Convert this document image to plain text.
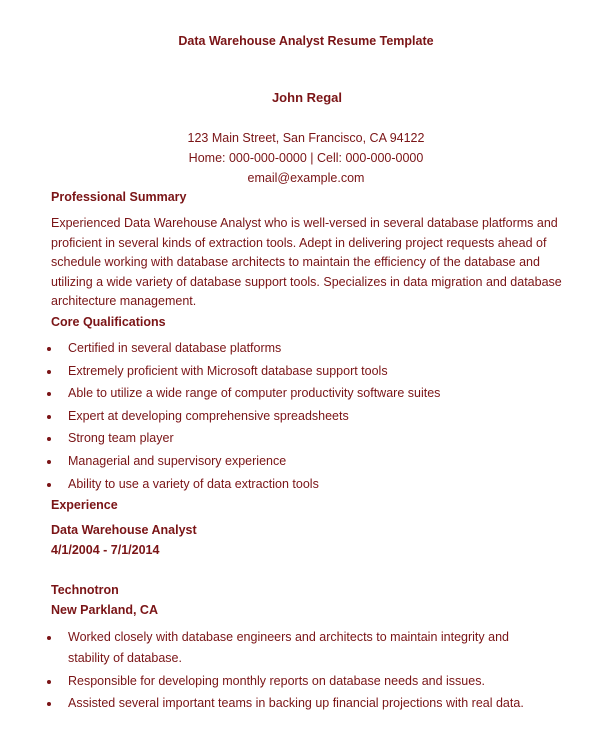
Data Warehouse Analyst Resume Template
John Regal
123 Main Street, San Francisco, CA 94122
Home: 000-000-0000 | Cell: 000-000-0000
email@example.com
Professional Summary
Experienced Data Warehouse Analyst who is well-versed in several database platforms and proficient in several kinds of extraction tools. Adept in delivering project requests ahead of schedule working with database architects to maintain the efficiency of the database and utilizing a wide variety of database support tools. Specializes in data migration and database architecture management.
Core Qualifications
Certified in several database platforms
Extremely proficient with Microsoft database support tools
Able to utilize a wide range of computer productivity software suites
Expert at developing comprehensive spreadsheets
Strong team player
Managerial and supervisory experience
Ability to use a variety of data extraction tools
Experience
Data Warehouse Analyst
4/1/2004 - 7/1/2014
Technotron
New Parkland, CA
Worked closely with database engineers and architects to maintain integrity and stability of database.
Responsible for developing monthly reports on database needs and issues.
Assisted several important teams in backing up financial projections with real data.
